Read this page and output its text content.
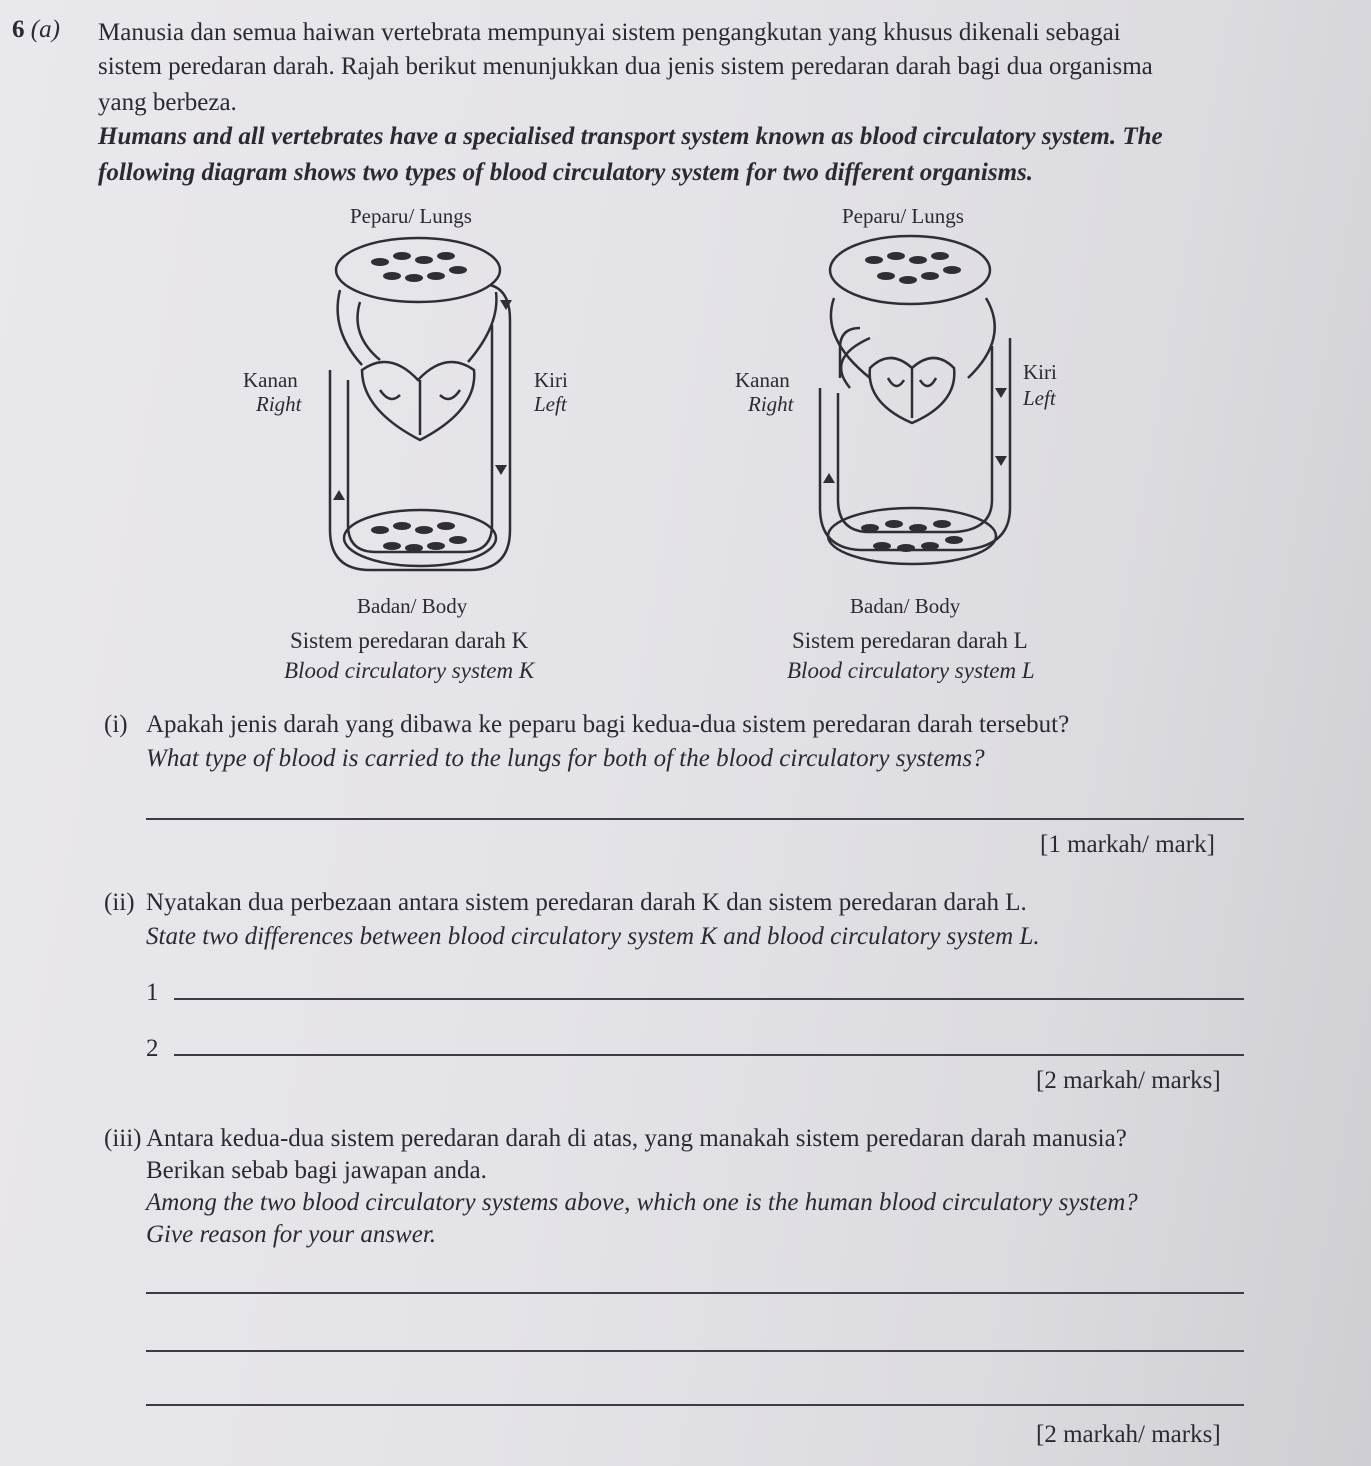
6 (a) Manusia dan semua haiwan vertebrata mempunyai sistem pengangkutan yang khusus dikenali sebagai
sistem peredaran darah. Rajah berikut menunjukkan dua jenis sistem peredaran darah bagi dua organisma
yang berbeza.
Humans and all vertebrates have a specialised transport system known as blood circulatory system. The
following diagram shows two types of blood circulatory system for two different organisms.
Peparu/ Lungs
Kanan
Right
Kiri
Left
Badan/ Body
Sistem peredaran darah K
Blood circulatory system K
Peparu/ Lungs
Kanan
Right
Kiri
Left
Badan/ Body
Sistem peredaran darah L
Blood circulatory system L
(i) Apakah jenis darah yang dibawa ke peparu bagi kedua-dua sistem peredaran darah tersebut?
What type of blood is carried to the lungs for both of the blood circulatory systems?
[1 markah/ mark]
(ii) Nyatakan dua perbezaan antara sistem peredaran darah K dan sistem peredaran darah L.
State two differences between blood circulatory system K and blood circulatory system L.
1
2
[2 markah/ marks]
(iii) Antara kedua-dua sistem peredaran darah di atas, yang manakah sistem peredaran darah manusia?
Berikan sebab bagi jawapan anda.
Among the two blood circulatory systems above, which one is the human blood circulatory system?
Give reason for your answer.
[2 markah/ marks]
